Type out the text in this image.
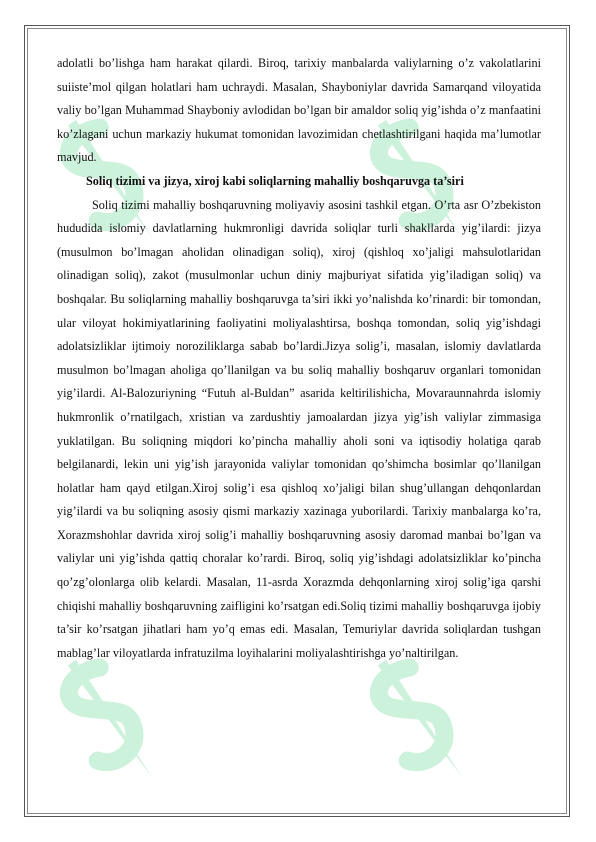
adolatli bo’lishga ham harakat qilardi. Biroq, tarixiy manbalarda valiylarning o’z vakolatlarini suiiste’mol qilgan holatlari ham uchraydi. Masalan, Shayboniylar davrida Samarqand viloyatida valiy bo’lgan Muhammad Shayboniy avlodidan bo’lgan bir amaldor soliq yig’ishda o’z manfaatini ko’zlagani uchun markaziy hukumat tomonidan lavozimidan chetlashtirilgani haqida ma’lumotlar mavjud.

Soliq tizimi va jizya, xiroj kabi soliqlarning mahalliy boshqaruvga ta’siri

Soliq tizimi mahalliy boshqaruvning moliyaviy asosini tashkil etgan. O’rta asr O’zbekiston hududida islomiy davlatlarning hukmronligi davrida soliqlar turli shakllarda yig’ilardi: jizya (musulmon bo’lmagan aholidan olinadigan soliq), xiroj (qishloq xo’jaligi mahsulotlaridan olinadigan soliq), zakot (musulmonlar uchun diniy majburiyat sifatida yig’iladigan soliq) va boshqalar. Bu soliqlarning mahalliy boshqaruvga ta’siri ikki yo’nalishda ko’rinardi: bir tomondan, ular viloyat hokimiyatlarining faoliyatini moliyalashtirsa, boshqa tomondan, soliq yig’ishdagi adolatsizliklar ijtimoiy noroziliklarga sabab bo’lardi.Jizya solig’i, masalan, islomiy davlatlarda musulmon bo’lmagan aholiga qo’llanilgan va bu soliq mahalliy boshqaruv organlari tomonidan yig’ilardi. Al-Balozuriyning “Futuh al-Buldan” asarida keltirilishicha, Movaraunnahrda islomiy hukmronlik o’rnatilgach, xristian va zardushtiy jamoalardan jizya yig’ish valiylar zimmasiga yuklatilgan. Bu soliqning miqdori ko’pincha mahalliy aholi soni va iqtisodiy holatiga qarab belgilanardi, lekin uni yig’ish jarayonida valiylar tomonidan qo’shimcha bosimlar qo’llanilgan holatlar ham qayd etilgan.Xiroj solig’i esa qishloq xo’jaligi bilan shug’ullangan dehqonlardan yig’ilardi va bu soliqning asosiy qismi markaziy xazinaga yuborilardi. Tarixiy manbalarga ko’ra, Xorazmshohlar davrida xiroj solig’i mahalliy boshqaruvning asosiy daromad manbai bo’lgan va valiylar uni yig’ishda qattiq choralar ko’rardi. Biroq, soliq yig’ishdagi adolatsizliklar ko’pincha qo’zg’olonlarga olib kelardi. Masalan, 11-asrda Xorazmda dehqonlarning xiroj solig’iga qarshi chiqishi mahalliy boshqaruvning zaifligini ko’rsatgan edi.Soliq tizimi mahalliy boshqaruvga ijobiy ta’sir ko’rsatgan jihatlari ham yo’q emas edi. Masalan, Temuriylar davrida soliqlardan tushgan mablag’lar viloyatlarda infratuzilma loyihalarini moliyalashtirishga yo’naltirilgan.
